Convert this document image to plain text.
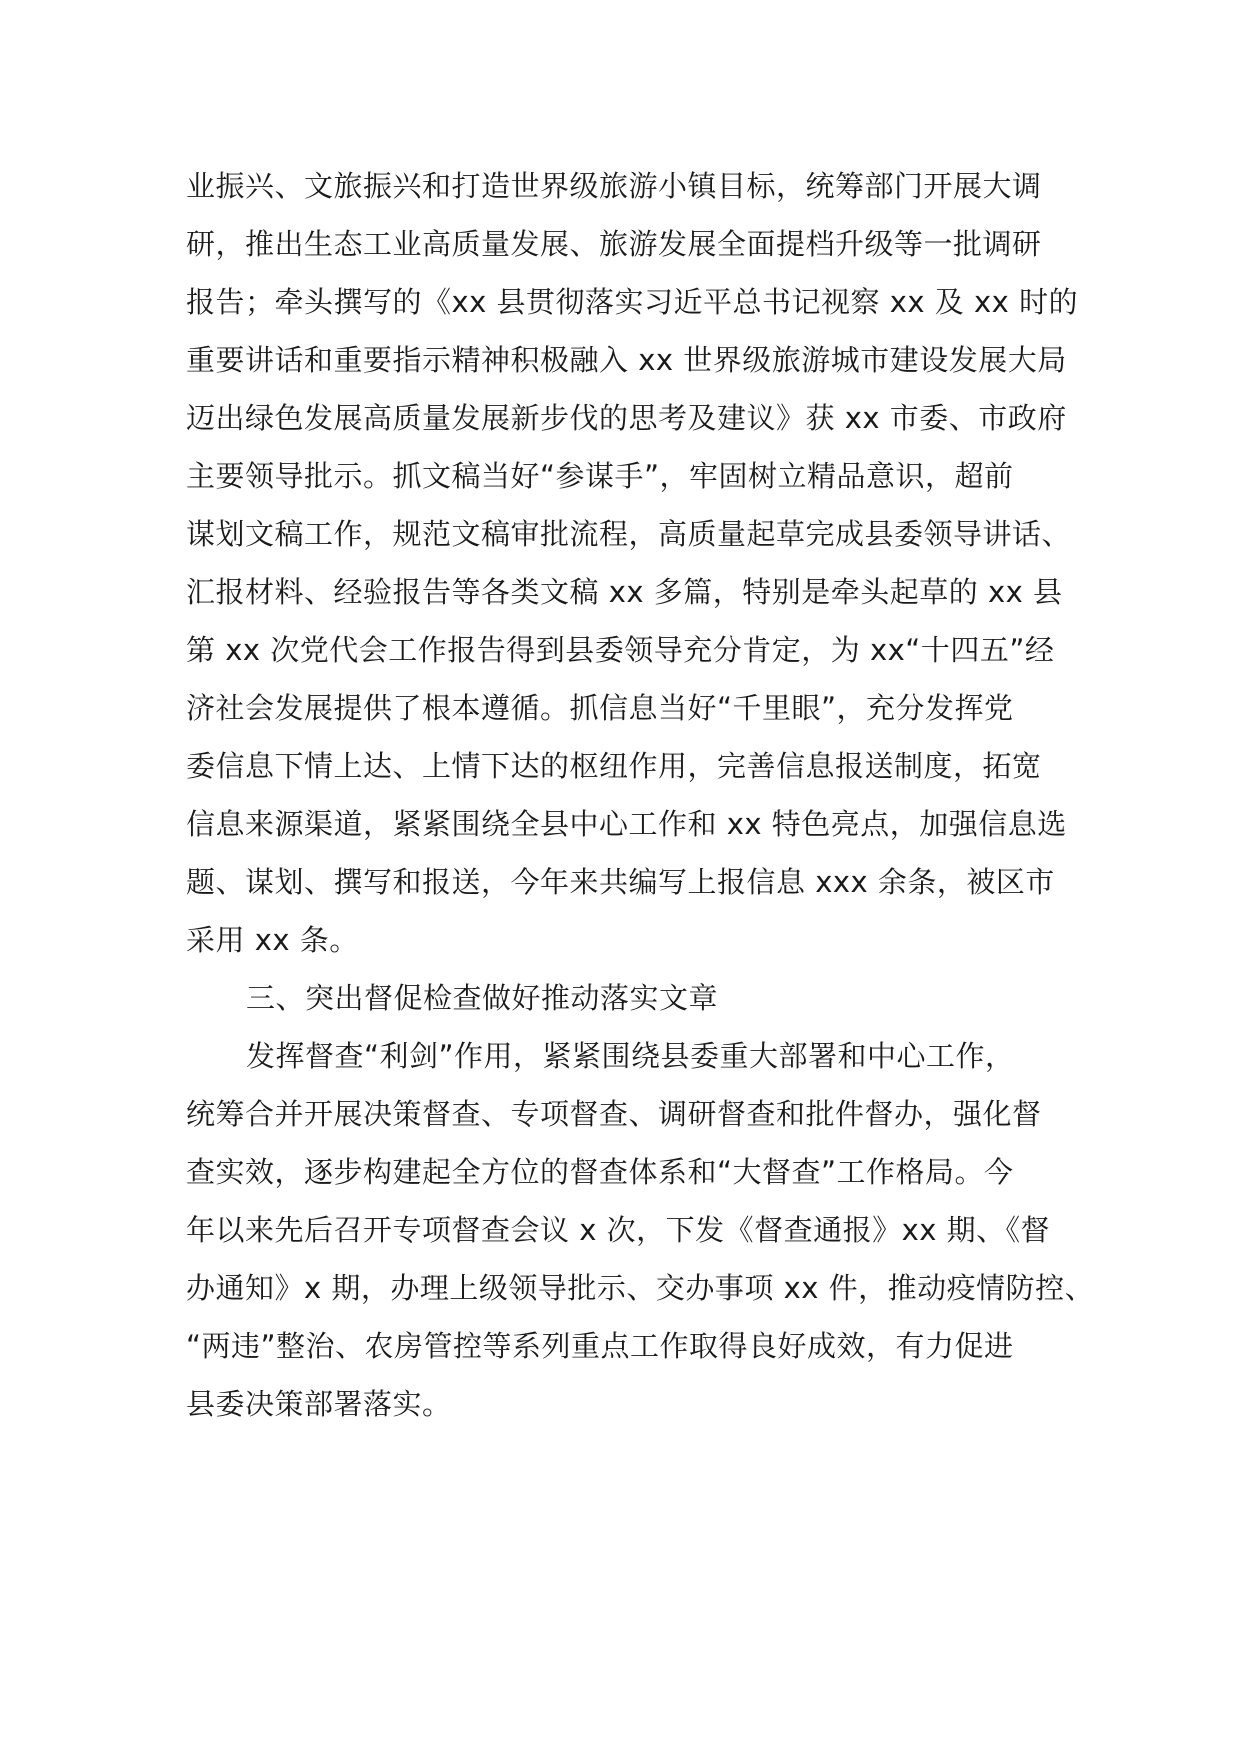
业振兴、文旅振兴和打造世界级旅游小镇目标，统筹部门开展大调
研，推出生态工业高质量发展、旅游发展全面提档升级等一批调研
报告；牵头撰写的《xx 县贯彻落实习近平总书记视察 xx 及 xx 时的
重要讲话和重要指示精神积极融入 xx 世界级旅游城市建设发展大局
迈出绿色发展高质量发展新步伐的思考及建议》获 xx 市委、市政府
主要领导批示。抓文稿当好“参谋手”，牢固树立精品意识，超前
谋划文稿工作，规范文稿审批流程，高质量起草完成县委领导讲话、
汇报材料、经验报告等各类文稿 xx 多篇，特别是牵头起草的 xx 县
第 xx 次党代会工作报告得到县委领导充分肯定，为 xx“十四五”经
济社会发展提供了根本遵循。抓信息当好“千里眼”，充分发挥党
委信息下情上达、上情下达的枢纽作用，完善信息报送制度，拓宽
信息来源渠道，紧紧围绕全县中心工作和 xx 特色亮点，加强信息选
题、谋划、撰写和报送，今年来共编写上报信息 xxx 余条，被区市
采用 xx 条。
三、突出督促检查做好推动落实文章
发挥督查“利剑”作用，紧紧围绕县委重大部署和中心工作，
统筹合并开展决策督查、专项督查、调研督查和批件督办，强化督
查实效，逐步构建起全方位的督查体系和“大督查”工作格局。今
年以来先后召开专项督查会议 x 次，下发《督查通报》xx 期、《督
办通知》x 期，办理上级领导批示、交办事项 xx 件，推动疫情防控、
“两违”整治、农房管控等系列重点工作取得良好成效，有力促进
县委决策部署落实。
